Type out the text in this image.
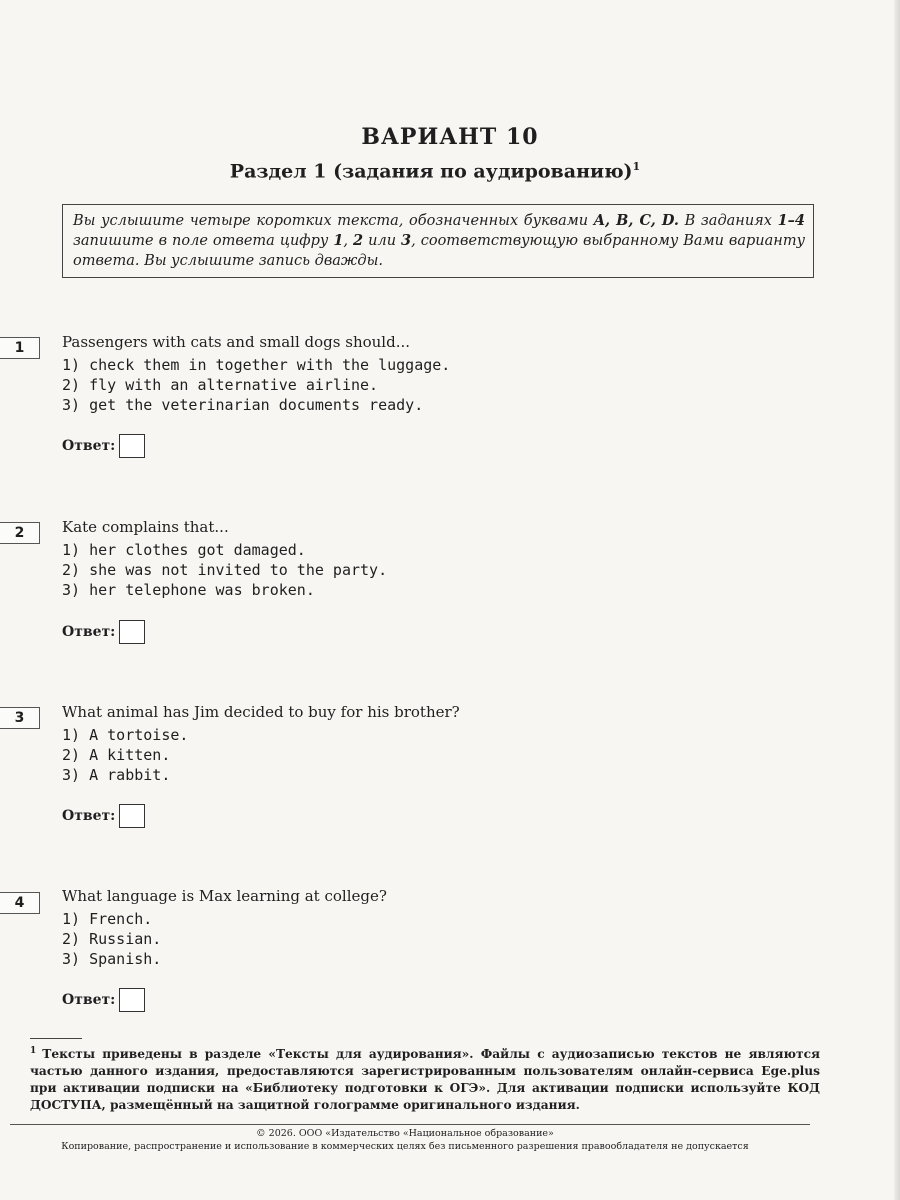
ВАРИАНТ 10
Раздел 1 (задания по аудированию)$^1$
Вы услышите четыре коротких текста, обозначенных буквами A, B, C, D. В заданиях 1–4 запишите в поле ответа цифру 1, 2 или 3, соответствующую выбранному Вами варианту ответа. Вы услышите запись дважды.
1	Passengers with cats and small dogs should...
1) check them in together with the luggage.
2) fly with an alternative airline.
3) get the veterinarian documents ready.
Ответ:
2	Kate complains that...
1) her clothes got damaged.
2) she was not invited to the party.
3) her telephone was broken.
Ответ:
3	What animal has Jim decided to buy for his brother?
1) A tortoise.
2) A kitten.
3) A rabbit.
Ответ:
4	What language is Max learning at college?
1) French.
2) Russian.
3) Spanish.
Ответ:
$^1$ Тексты приведены в разделе «Тексты для аудирования». Файлы с аудиозаписью текстов не являются частью данного издания, предоставляются зарегистрированным пользователям онлайн-сервиса Ege.plus при активации подписки на «Библиотеку подготовки к ОГЭ». Для активации подписки используйте КОД ДОСТУПА, размещённый на защитной голограмме оригинального издания.
© 2026. ООО «Издательство «Национальное образование»
Копирование, распространение и использование в коммерческих целях без письменного разрешения правообладателя не допускается
